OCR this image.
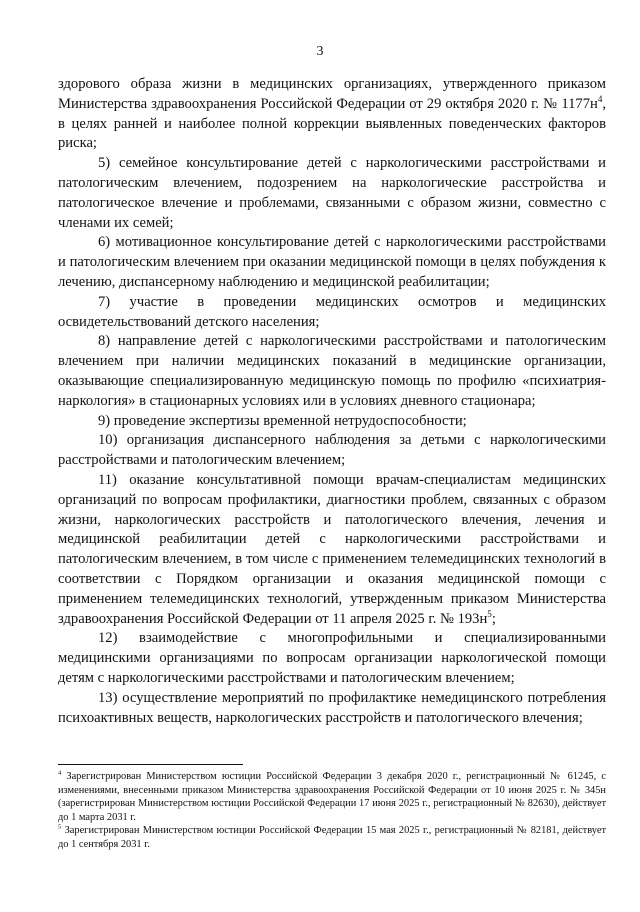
3

здорового образа жизни в медицинских организациях, утвержденного приказом Министерства здравоохранения Российской Федерации от 29 октября 2020 г. № $1177н^4$, в целях ранней и наиболее полной коррекции выявленных поведенческих факторов риска;

5) семейное консультирование детей с наркологическими расстройствами и патологическим влечением, подозрением на наркологические расстройства и патологическое влечение и проблемами, связанными с образом жизни, совместно с членами их семей;

6) мотивационное консультирование детей с наркологическими расстройствами и патологическим влечением при оказании медицинской помощи в целях побуждения к лечению, диспансерному наблюдению и медицинской реабилитации;

7) участие в проведении медицинских осмотров и медицинских освидетельствований детского населения;

8) направление детей с наркологическими расстройствами и патологическим влечением при наличии медицинских показаний в медицинские организации, оказывающие специализированную медицинскую помощь по профилю «психиатрия-наркология» в стационарных условиях или в условиях дневного стационара;

9) проведение экспертизы временной нетрудоспособности;

10) организация диспансерного наблюдения за детьми с наркологическими расстройствами и патологическим влечением;

11) оказание консультативной помощи врачам-специалистам медицинских организаций по вопросам профилактики, диагностики проблем, связанных с образом жизни, наркологических расстройств и патологического влечения, лечения и медицинской реабилитации детей с наркологическими расстройствами и патологическим влечением, в том числе с применением телемедицинских технологий в соответствии с Порядком организации и оказания медицинской помощи с применением телемедицинских технологий, утвержденным приказом Министерства здравоохранения Российской Федерации от 11 апреля 2025 г. № $193н^5$;

12) взаимодействие с многопрофильными и специализированными медицинскими организациями по вопросам организации наркологической помощи детям с наркологическими расстройствами и патологическим влечением;

13) осуществление мероприятий по профилактике немедицинского потребления психоактивных веществ, наркологических расстройств и патологического влечения;

$^4$ Зарегистрирован Министерством юстиции Российской Федерации 3 декабря 2020 г., регистрационный № 61245, с изменениями, внесенными приказом Министерства здравоохранения Российской Федерации от 10 июня 2025 г. № 345н (зарегистрирован Министерством юстиции Российской Федерации 17 июня 2025 г., регистрационный № 82630), действует до 1 марта 2031 г.

$^5$ Зарегистрирован Министерством юстиции Российской Федерации 15 мая 2025 г., регистрационный № 82181, действует до 1 сентября 2031 г.
